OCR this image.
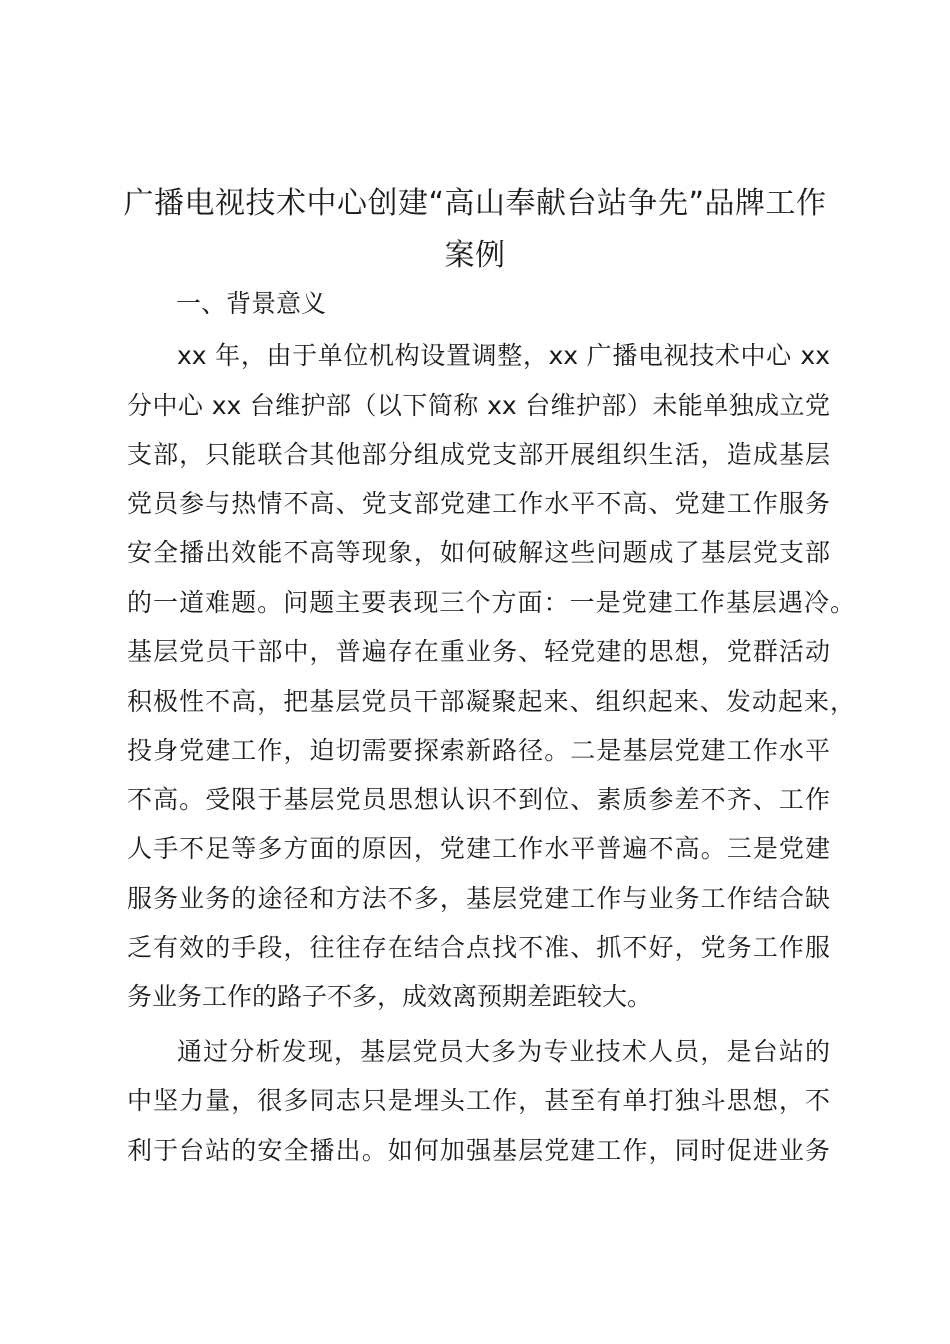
广播电视技术中心创建“高山奉献台站争先”品牌工作
案例
一、背景意义

xx 年，由于单位机构设置调整，xx 广播电视技术中心 xx

分中心 xx 台维护部（以下简称 xx 台维护部）未能单独成立党

支部，只能联合其他部分组成党支部开展组织生活，造成基层

党员参与热情不高、党支部党建工作水平不高、党建工作服务

安全播出效能不高等现象，如何破解这些问题成了基层党支部

的一道难题。问题主要表现三个方面：一是党建工作基层遇冷。

基层党员干部中，普遍存在重业务、轻党建的思想，党群活动

积极性不高，把基层党员干部凝聚起来、组织起来、发动起来，

投身党建工作，迫切需要探索新路径。二是基层党建工作水平

不高。受限于基层党员思想认识不到位、素质参差不齐、工作

人手不足等多方面的原因，党建工作水平普遍不高。三是党建

服务业务的途径和方法不多，基层党建工作与业务工作结合缺

乏有效的手段，往往存在结合点找不准、抓不好，党务工作服

务业务工作的路子不多，成效离预期差距较大。

通过分析发现，基层党员大多为专业技术人员，是台站的

中坚力量，很多同志只是埋头工作，甚至有单打独斗思想，不

利于台站的安全播出。如何加强基层党建工作，同时促进业务
